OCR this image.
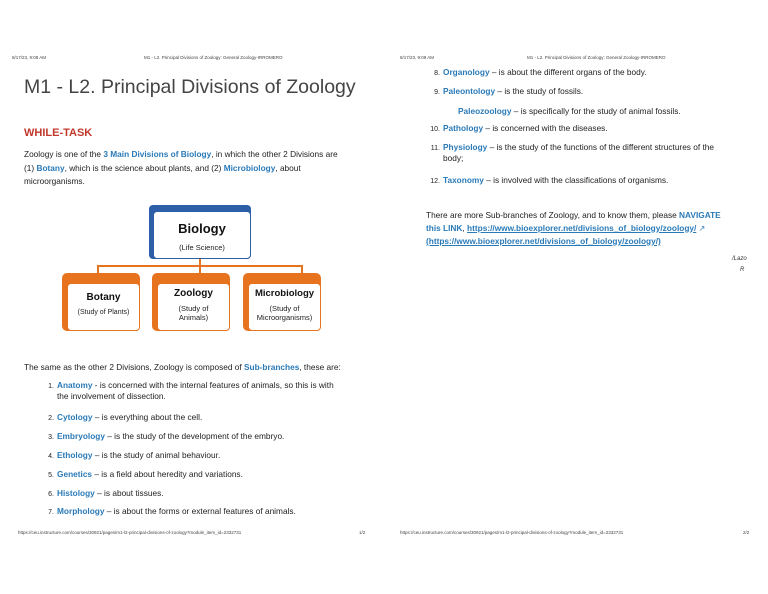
8/17/23, 9:08 AM	M1 - L2. Principal Divisions of Zoology: General Zoology-IRROMERO
M1 - L2. Principal Divisions of Zoology
WHILE-TASK
Zoology is one of the 3 Main Divisions of Biology, in which the other 2 Divisions are
(1) Botany, which is the science about plants, and (2) Microbiology, about
microorganisms.
Biology
(Life Science)
Botany
(Study of Plants)
Zoology
(Study of
Animals)
Microbiology
(Study of
Microorganisms)
The same as the other 2 Divisions, Zoology is composed of Sub-branches, these are:
1. Anatomy - is concerned with the internal features of animals, so this is with
the involvement of dissection.
2. Cytology – is everything about the cell.
3. Embryology – is the study of the development of the embryo.
4. Ethology – is the study of animal behaviour.
5. Genetics – is a field about heredity and variations.
6. Histology – is about tissues.
7. Morphology – is about the forms or external features of animals.
https://ceu.instructure.com/courses/30921/pages/m1-l2-principal-divisions-of-zoology?module_item_id=2332731	1/2
8/17/23, 9:09 AM	M1 - L2. Principal Divisions of Zoology: General Zoology-IRROMERO
8. Organology – is about the different organs of the body.
9. Paleontology – is the study of fossils.
10. Pathology – is concerned with the diseases.
11. Physiology – is the study of the functions of the different structures of the
body;
12. Taxonomy – is involved with the classifications of organisms.
Paleozoology – is specifically for the study of animal fossils.
There are more Sub-branches of Zoology, and to know them, please NAVIGATE
this LINK, https://www.bioexplorer.net/divisions_of_biology/zoology/ ↗
(https://www.bioexplorer.net/divisions_of_biology/zoology/)
/Lazo
R
https://ceu.instructure.com/courses/30921/pages/m1-l2-principal-divisions-of-zoology?module_item_id=2332731	2/2
